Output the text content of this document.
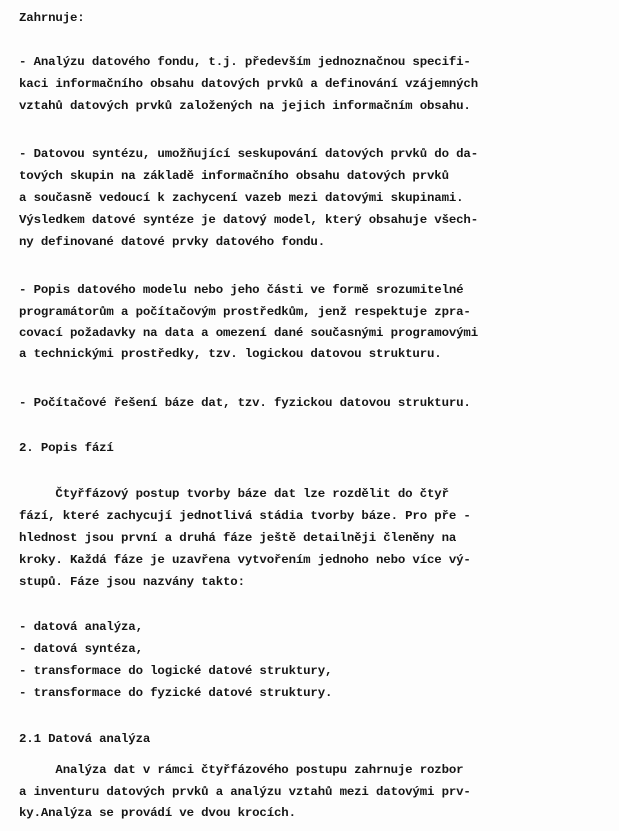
Zahrnuje:
- Analýzu datového fondu, t.j. především jednoznačnou specifi-
kaci informačního obsahu datových prvků a definování vzájemných
vztahů datových prvků založených na jejich informačním obsahu.
- Datovou syntézu, umožňující seskupování datových prvků do da-
tových skupin na základě informačního obsahu datových prvků
a současně vedoucí k zachycení vazeb mezi datovými skupinami.
Výsledkem datové syntéze je datový model, který obsahuje všech-
ny definované datové prvky datového fondu.
- Popis datového modelu nebo jeho části ve formě srozumitelné
programátorům a počítačovým prostředkům, jenž respektuje zpra-
covací požadavky na data a omezení dané současnými programovými
a technickými prostředky, tzv. logickou datovou strukturu.
- Počítačové řešení báze dat, tzv. fyzickou datovou strukturu.
2. Popis fází
Čtyřfázový postup tvorby báze dat lze rozdělit do čtyř
fází, které zachycují jednotlivá stádia tvorby báze. Pro pře -
hlednost jsou první a druhá fáze ještě detailněji členěny na
kroky. Každá fáze je uzavřena vytvořením jednoho nebo více vý-
stupů. Fáze jsou nazvány takto:
- datová analýza,
- datová syntéza,
- transformace do logické datové struktury,
- transformace do fyzické datové struktury.
2.1 Datová analýza
Analýza dat v rámci čtyřfázového postupu zahrnuje rozbor
a inventuru datových prvků a analýzu vztahů mezi datovými prv-
ky.Analýza se provádí ve dvou krocích.
